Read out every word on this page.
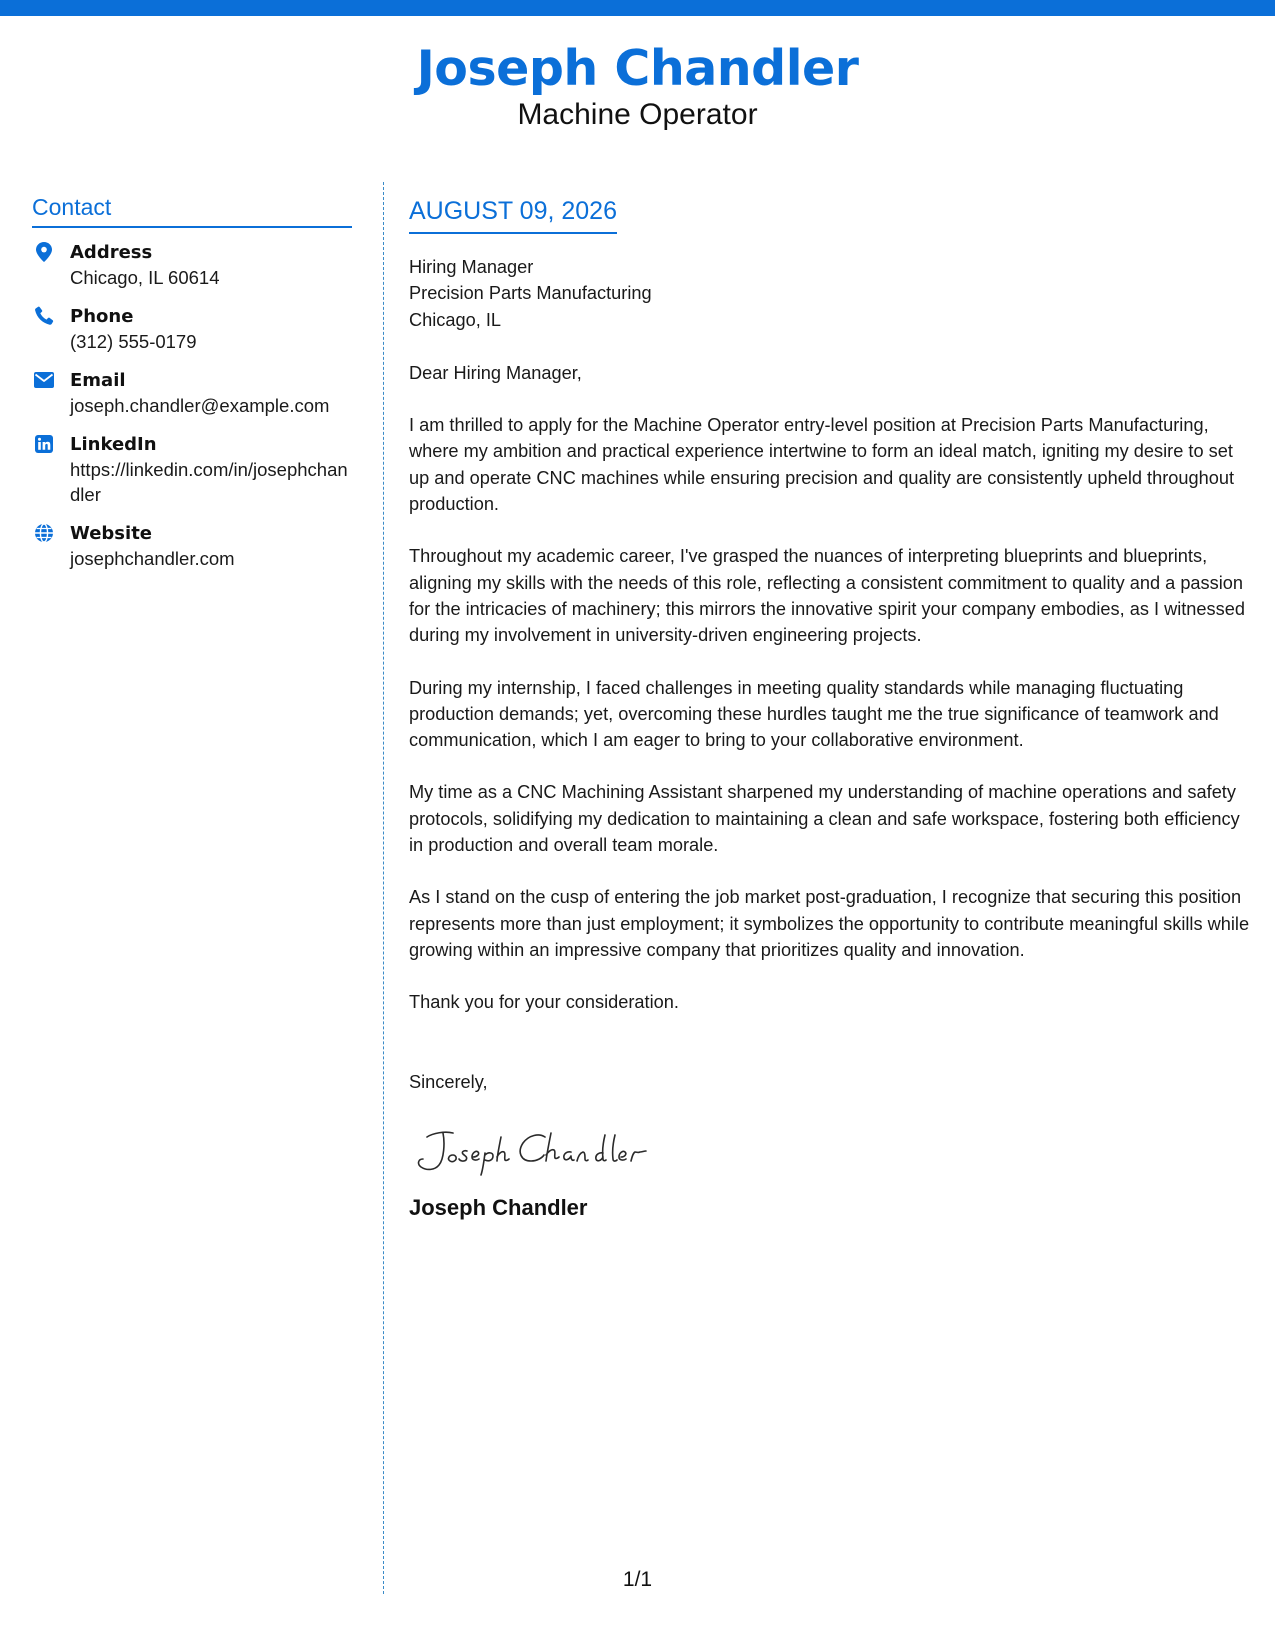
Joseph Chandler
Machine Operator
Contact
Address
Chicago, IL 60614
Phone
(312) 555-0179
Email
joseph.chandler@example.com
LinkedIn
https://linkedin.com/in/josephchandler
Website
josephchandler.com
AUGUST 09, 2026
Hiring Manager
Precision Parts Manufacturing
Chicago, IL
Dear Hiring Manager,

I am thrilled to apply for the Machine Operator entry-level position at Precision Parts Manufacturing, where my ambition and practical experience intertwine to form an ideal match, igniting my desire to set up and operate CNC machines while ensuring precision and quality are consistently upheld throughout production.

Throughout my academic career, I've grasped the nuances of interpreting blueprints and blueprints, aligning my skills with the needs of this role, reflecting a consistent commitment to quality and a passion for the intricacies of machinery; this mirrors the innovative spirit your company embodies, as I witnessed during my involvement in university-driven engineering projects.

During my internship, I faced challenges in meeting quality standards while managing fluctuating production demands; yet, overcoming these hurdles taught me the true significance of teamwork and communication, which I am eager to bring to your collaborative environment.

My time as a CNC Machining Assistant sharpened my understanding of machine operations and safety protocols, solidifying my dedication to maintaining a clean and safe workspace, fostering both efficiency in production and overall team morale.

As I stand on the cusp of entering the job market post-graduation, I recognize that securing this position represents more than just employment; it symbolizes the opportunity to contribute meaningful skills while growing within an impressive company that prioritizes quality and innovation.

Thank you for your consideration.

Sincerely,
Joseph Chandler
1/1
